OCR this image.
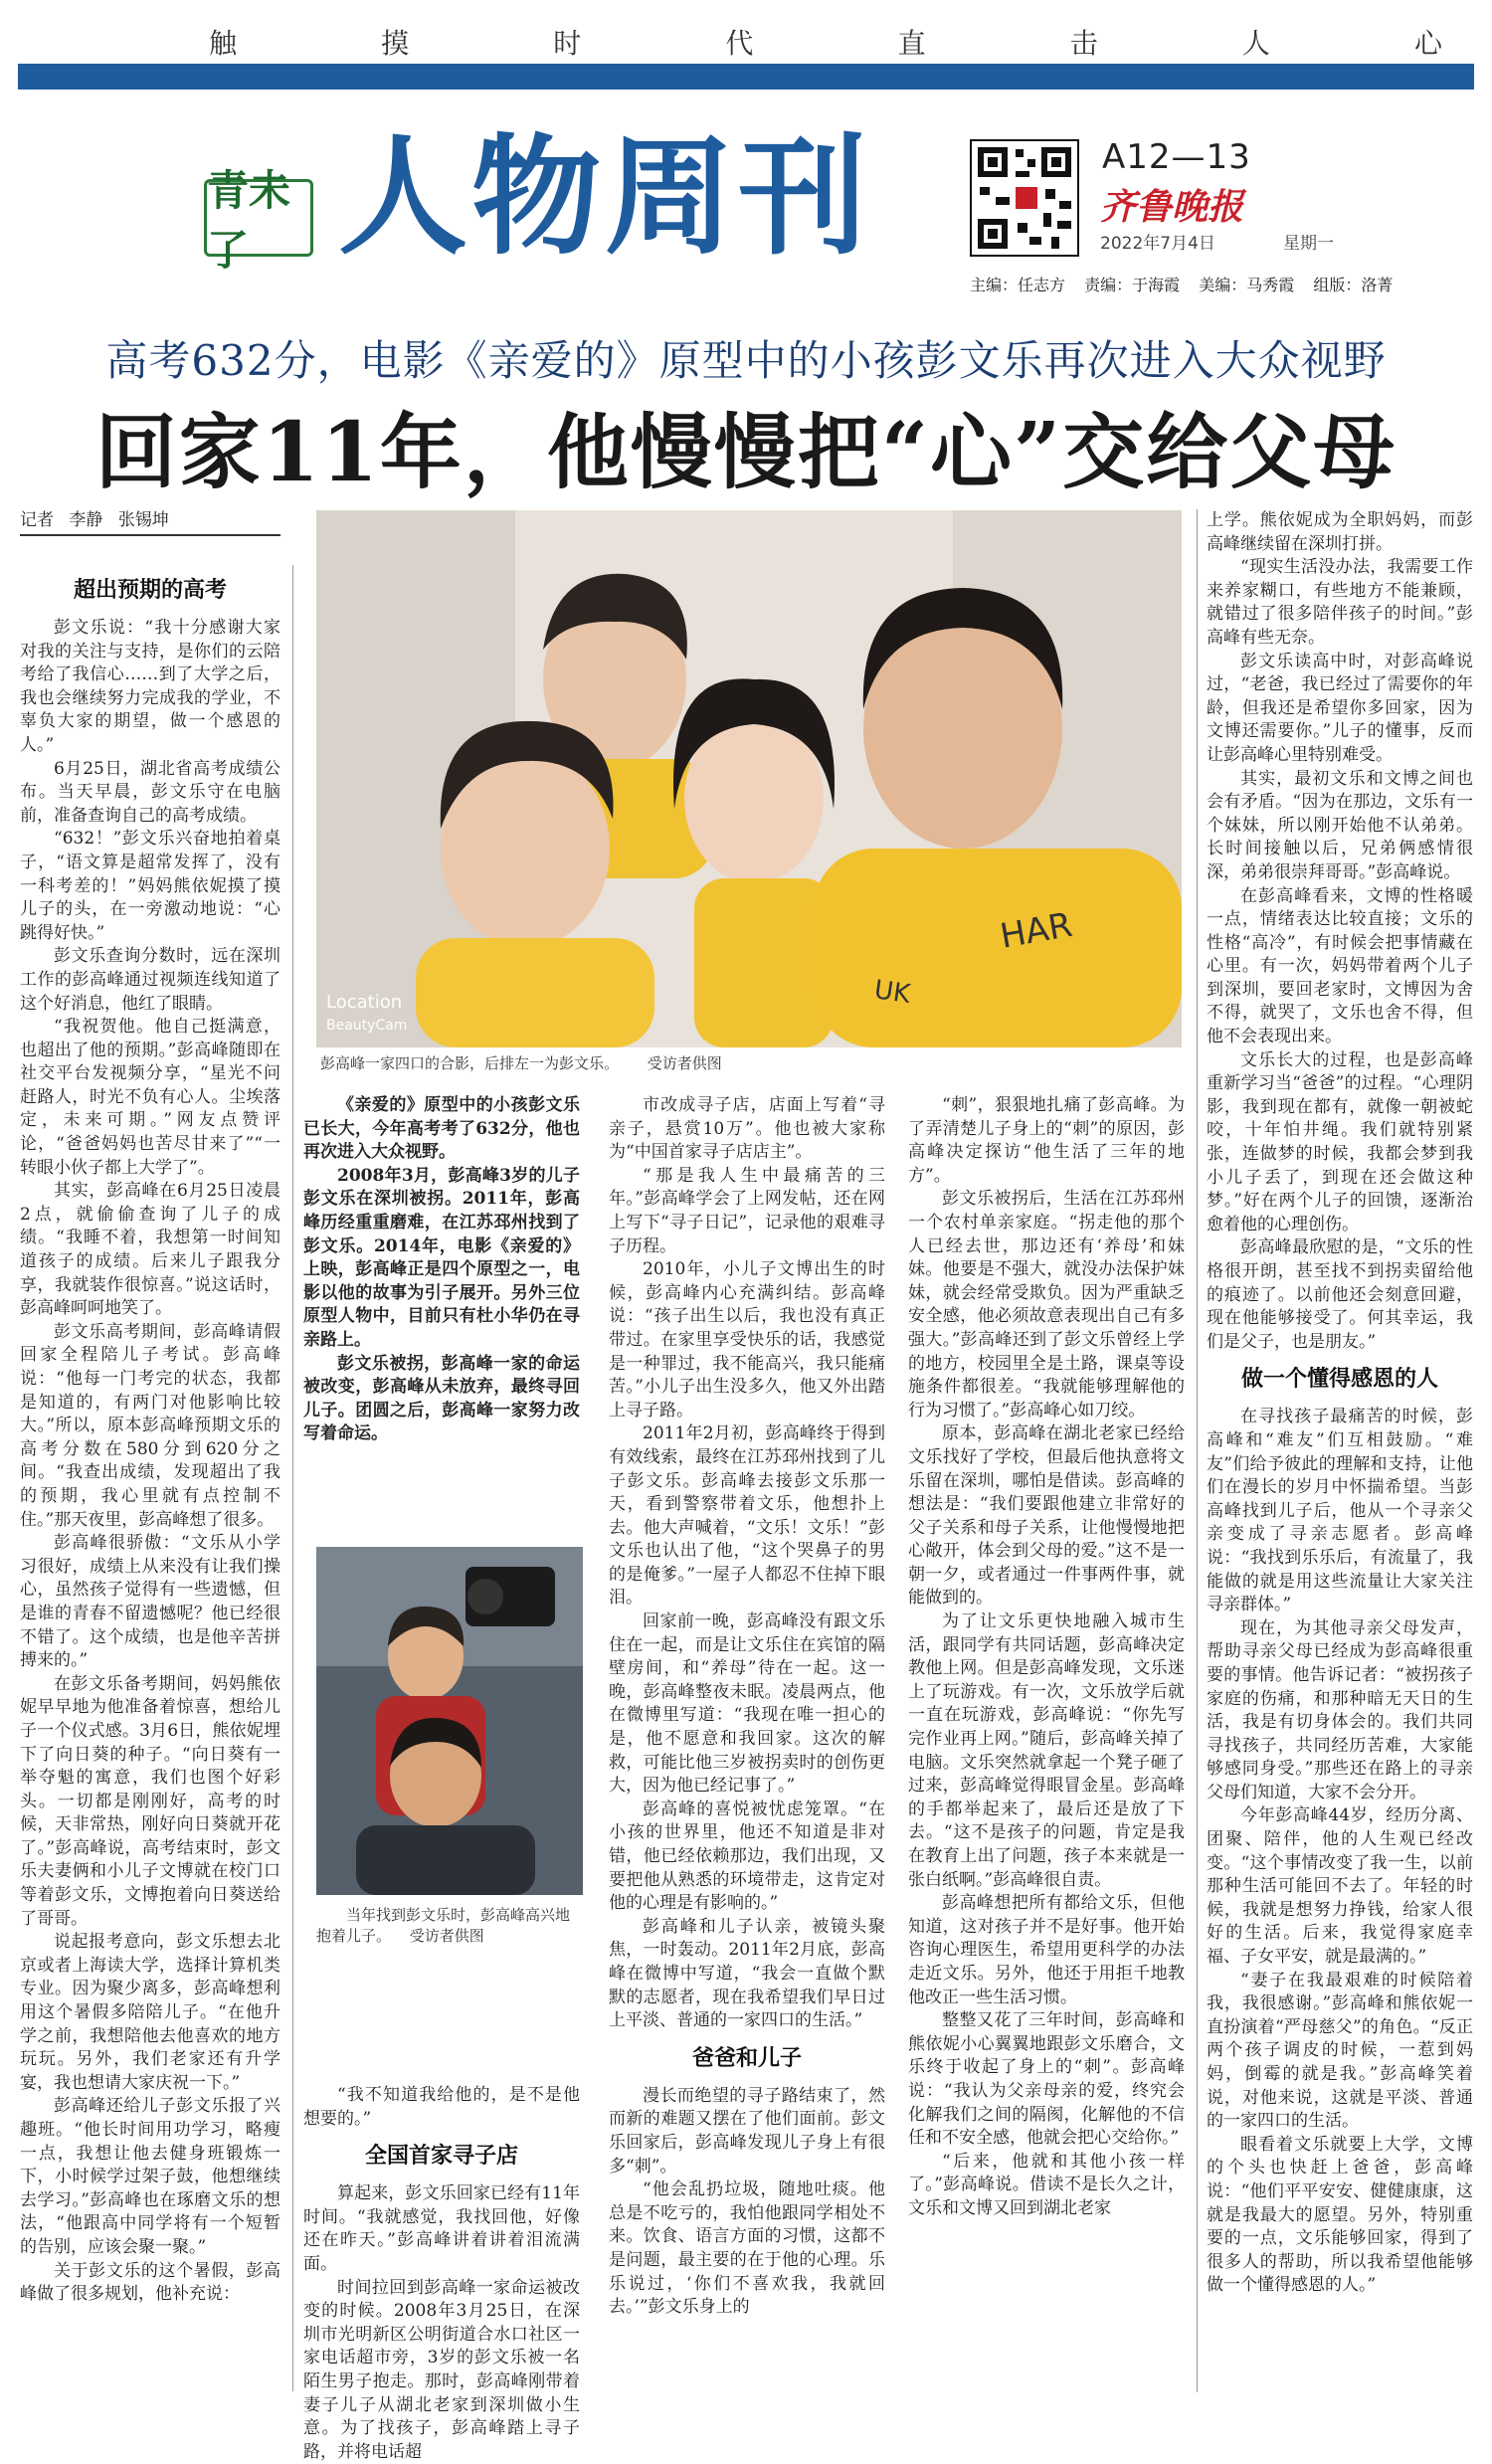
触	摸	时	代	直	击	人	心
青未了 人物周刊	A12—13
齐鲁晚报
2022年7月4日	星期一
主编：任志方 责编：于海霞 美编：马秀霞 组版：洛菁
高考632分，电影《亲爱的》原型中的小孩彭文乐再次进入大众视野
回家11年，他慢慢把“心”交给父母
记者 李静 张锡坤
HAR
UK
Location
BeautyCam
彭高峰一家四口的合影，后排左一为彭文乐。 受访者供图
当年找到彭文乐时，彭高峰高兴地抱着儿子。 受访者供图
超出预期的高考

彭文乐说：“我十分感谢大家对我的关注与支持，是你们的云陪考给了我信心……到了大学之后，我也会继续努力完成我的学业，不辜负大家的期望，做一个感恩的人。”

6月25日，湖北省高考成绩公布。当天早晨，彭文乐守在电脑前，准备查询自己的高考成绩。

“632！”彭文乐兴奋地拍着桌子，“语文算是超常发挥了，没有一科考差的！”妈妈熊依妮摸了摸儿子的头，在一旁激动地说：“心跳得好快。”

彭文乐查询分数时，远在深圳工作的彭高峰通过视频连线知道了这个好消息，他红了眼睛。

“我祝贺他。他自己挺满意，也超出了他的预期。”彭高峰随即在社交平台发视频分享，“星光不问赶路人，时光不负有心人。尘埃落定，未来可期。”网友点赞评论，“爸爸妈妈也苦尽甘来了”“一转眼小伙子都上大学了”。

其实，彭高峰在6月25日凌晨2点，就偷偷查询了儿子的成绩。“我睡不着，我想第一时间知道孩子的成绩。后来儿子跟我分享，我就装作很惊喜。”说这话时，彭高峰呵呵地笑了。

彭文乐高考期间，彭高峰请假回家全程陪儿子考试。彭高峰说：“他每一门考完的状态，我都是知道的，有两门对他影响比较大。”所以，原本彭高峰预期文乐的高考分数在580分到620分之间。“我查出成绩，发现超出了我的预期，我心里就有点控制不住。”那天夜里，彭高峰想了很多。

彭高峰很骄傲：“文乐从小学习很好，成绩上从来没有让我们操心，虽然孩子觉得有一些遗憾，但是谁的青春不留遗憾呢？他已经很不错了。这个成绩，也是他辛苦拼搏来的。”

在彭文乐备考期间，妈妈熊依妮早早地为他准备着惊喜，想给儿子一个仪式感。3月6日，熊依妮埋下了向日葵的种子。“向日葵有一举夺魁的寓意，我们也图个好彩头。一切都是刚刚好，高考的时候，天非常热，刚好向日葵就开花了。”彭高峰说，高考结束时，彭文乐夫妻俩和小儿子文博就在校门口等着彭文乐，文博抱着向日葵送给了哥哥。

说起报考意向，彭文乐想去北京或者上海读大学，选择计算机类专业。因为聚少离多，彭高峰想利用这个暑假多陪陪儿子。“在他升学之前，我想陪他去他喜欢的地方玩玩。另外，我们老家还有升学宴，我也想请大家庆祝一下。”

彭高峰还给儿子彭文乐报了兴趣班。“他长时间用功学习，略瘦一点，我想让他去健身班锻炼一下，小时候学过架子鼓，他想继续去学习。”彭高峰也在琢磨文乐的想法，“他跟高中同学将有一个短暂的告别，应该会聚一聚。”

关于彭文乐的这个暑假，彭高峰做了很多规划，他补充说：

《亲爱的》原型中的小孩彭文乐已长大，今年高考考了632分，他也再次进入大众视野。

2008年3月，彭高峰3岁的儿子彭文乐在深圳被拐。2011年，彭高峰历经重重磨难，在江苏邳州找到了彭文乐。2014年，电影《亲爱的》上映，彭高峰正是四个原型之一，电影以他的故事为引子展开。另外三位原型人物中，目前只有杜小华仍在寻亲路上。

彭文乐被拐，彭高峰一家的命运被改变，彭高峰从未放弃，最终寻回儿子。团圆之后，彭高峰一家努力改写着命运。

“我不知道我给他的，是不是他想要的。”

全国首家寻子店

算起来，彭文乐回家已经有11年时间。“我就感觉，我找回他，好像还在昨天。”彭高峰讲着讲着泪流满面。

时间拉回到彭高峰一家命运被改变的时候。2008年3月25日，在深圳市光明新区公明街道合水口社区一家电话超市旁，3岁的彭文乐被一名陌生男子抱走。那时，彭高峰刚带着妻子儿子从湖北老家到深圳做小生意。为了找孩子，彭高峰踏上寻子路，并将电话超

市改成寻子店，店面上写着“寻亲子，悬赏10万”。他也被大家称为“中国首家寻子店店主”。

“那是我人生中最痛苦的三年。”彭高峰学会了上网发帖，还在网上写下“寻子日记”，记录他的艰难寻子历程。

2010年，小儿子文博出生的时候，彭高峰内心充满纠结。彭高峰说：“孩子出生以后，我也没有真正带过。在家里享受快乐的话，我感觉是一种罪过，我不能高兴，我只能痛苦。”小儿子出生没多久，他又外出踏上寻子路。

2011年2月初，彭高峰终于得到有效线索，最终在江苏邳州找到了儿子彭文乐。彭高峰去接彭文乐那一天，看到警察带着文乐，他想扑上去。他大声喊着，“文乐！文乐！”彭文乐也认出了他，“这个哭鼻子的男的是俺爹。”一屋子人都忍不住掉下眼泪。

回家前一晚，彭高峰没有跟文乐住在一起，而是让文乐住在宾馆的隔壁房间，和“养母”待在一起。这一晚，彭高峰整夜未眠。凌晨两点，他在微博里写道：“我现在唯一担心的是，他不愿意和我回家。这次的解救，可能比他三岁被拐卖时的创伤更大，因为他已经记事了。”

彭高峰的喜悦被忧虑笼罩。“在小孩的世界里，他还不知道是非对错，他已经依赖那边，我们出现，又要把他从熟悉的环境带走，这肯定对他的心理是有影响的。”

彭高峰和儿子认亲，被镜头聚焦，一时轰动。2011年2月底，彭高峰在微博中写道，“我会一直做个默默的志愿者，现在我希望我们早日过上平淡、普通的一家四口的生活。”

爸爸和儿子

漫长而绝望的寻子路结束了，然而新的难题又摆在了他们面前。彭文乐回家后，彭高峰发现儿子身上有很多“刺”。

“他会乱扔垃圾，随地吐痰。他总是不吃亏的，我怕他跟同学相处不来。饮食、语言方面的习惯，这都不是问题，最主要的在于他的心理。乐乐说过，‘你们不喜欢我，我就回去。’”彭文乐身上的

“刺”，狠狠地扎痛了彭高峰。为了弄清楚儿子身上的“刺”的原因，彭高峰决定探访“他生活了三年的地方”。

彭文乐被拐后，生活在江苏邳州一个农村单亲家庭。“拐走他的那个人已经去世，那边还有‘养母’和妹妹。他要是不强大，就没办法保护妹妹，就会经常受欺负。因为严重缺乏安全感，他必须故意表现出自己有多强大。”彭高峰还到了彭文乐曾经上学的地方，校园里全是土路，课桌等设施条件都很差。“我就能够理解他的行为习惯了。”彭高峰心如刀绞。

原本，彭高峰在湖北老家已经给文乐找好了学校，但最后他执意将文乐留在深圳，哪怕是借读。彭高峰的想法是：“我们要跟他建立非常好的父子关系和母子关系，让他慢慢地把心敞开，体会到父母的爱。”这不是一朝一夕，或者通过一件事两件事，就能做到的。

为了让文乐更快地融入城市生活，跟同学有共同话题，彭高峰决定教他上网。但是彭高峰发现，文乐迷上了玩游戏。有一次，文乐放学后就一直在玩游戏，彭高峰说：“你先写完作业再上网。”随后，彭高峰关掉了电脑。文乐突然就拿起一个凳子砸了过来，彭高峰觉得眼冒金星。彭高峰的手都举起来了，最后还是放了下去。“这不是孩子的问题，肯定是我在教育上出了问题，孩子本来就是一张白纸啊。”彭高峰很自责。

彭高峰想把所有都给文乐，但他知道，这对孩子并不是好事。他开始咨询心理医生，希望用更科学的办法走近文乐。另外，他还于用拒千地教他改正一些生活习惯。

整整又花了三年时间，彭高峰和熊依妮小心翼翼地跟彭文乐磨合，文乐终于收起了身上的“刺”。彭高峰说：“我认为父亲母亲的爱，终究会化解我们之间的隔阂，化解他的不信任和不安全感，他就会把心交给你。”

“后来，他就和其他小孩一样了。”彭高峰说。借读不是长久之计，文乐和文博又回到湖北老家

上学。熊依妮成为全职妈妈，而彭高峰继续留在深圳打拼。

“现实生活没办法，我需要工作来养家糊口，有些地方不能兼顾，就错过了很多陪伴孩子的时间。”彭高峰有些无奈。

彭文乐读高中时，对彭高峰说过，“老爸，我已经过了需要你的年龄，但我还是希望你多回家，因为文博还需要你。”儿子的懂事，反而让彭高峰心里特别难受。

其实，最初文乐和文博之间也会有矛盾。“因为在那边，文乐有一个妹妹，所以刚开始他不认弟弟。长时间接触以后，兄弟俩感情很深，弟弟很崇拜哥哥。”彭高峰说。

在彭高峰看来，文博的性格暖一点，情绪表达比较直接；文乐的性格“高冷”，有时候会把事情藏在心里。有一次，妈妈带着两个儿子到深圳，要回老家时，文博因为舍不得，就哭了，文乐也舍不得，但他不会表现出来。

文乐长大的过程，也是彭高峰重新学习当“爸爸”的过程。“心理阴影，我到现在都有，就像一朝被蛇咬，十年怕井绳。我们就特别紧张，连做梦的时候，我都会梦到我小儿子丢了，到现在还会做这种梦。”好在两个儿子的回馈，逐渐治愈着他的心理创伤。

彭高峰最欣慰的是，“文乐的性格很开朗，甚至找不到拐卖留给他的痕迹了。以前他还会刻意回避，现在他能够接受了。何其幸运，我们是父子，也是朋友。”

做一个懂得感恩的人

在寻找孩子最痛苦的时候，彭高峰和“难友”们互相鼓励。“难友”们给予彼此的理解和支持，让他们在漫长的岁月中怀揣希望。当彭高峰找到儿子后，他从一个寻亲父亲变成了寻亲志愿者。彭高峰说：“我找到乐乐后，有流量了，我能做的就是用这些流量让大家关注寻亲群体。”

现在，为其他寻亲父母发声，帮助寻亲父母已经成为彭高峰很重要的事情。他告诉记者：“被拐孩子家庭的伤痛，和那种暗无天日的生活，我是有切身体会的。我们共同寻找孩子，共同经历苦难，大家能够感同身受。”那些还在路上的寻亲父母们知道，大家不会分开。

今年彭高峰44岁，经历分离、团聚、陪伴，他的人生观已经改变。“这个事情改变了我一生，以前那种生活可能回不去了。年轻的时候，我就是想努力挣钱，给家人很好的生活。后来，我觉得家庭幸福、子女平安，就是最满的。”

“妻子在我最艰难的时候陪着我，我很感谢。”彭高峰和熊依妮一直扮演着“严母慈父”的角色。“反正两个孩子调皮的时候，一惹到妈妈，倒霉的就是我。”彭高峰笑着说，对他来说，这就是平淡、普通的一家四口的生活。

眼看着文乐就要上大学，文博的个头也快赶上爸爸，彭高峰说：“他们平平安安、健健康康，这就是我最大的愿望。另外，特别重要的一点，文乐能够回家，得到了很多人的帮助，所以我希望他能够做一个懂得感恩的人。”
